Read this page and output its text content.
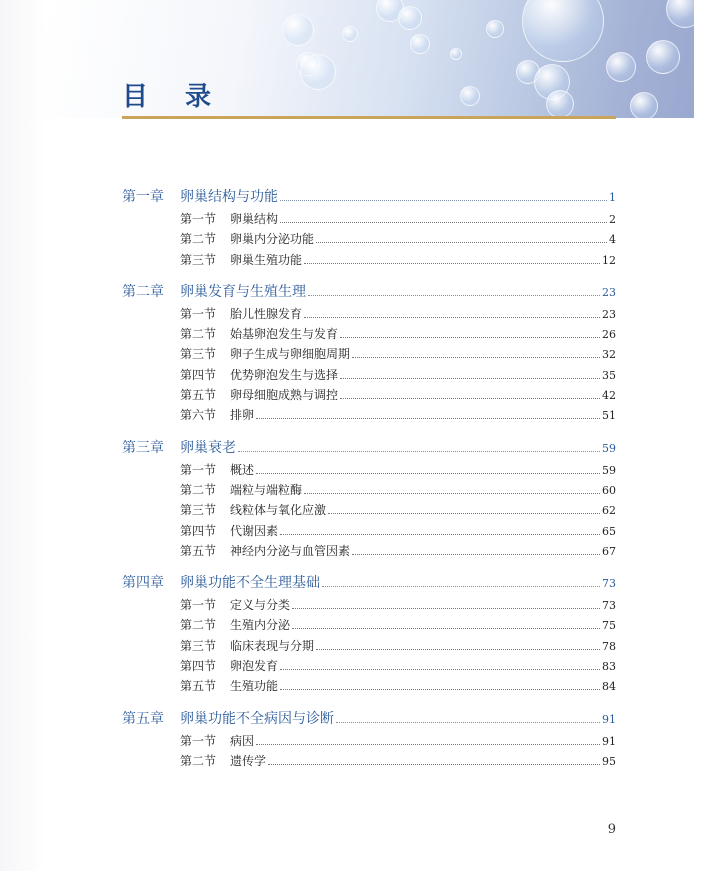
目 录
第一章	卵巢结构与功能	1
第一节	卵巢结构	2
第二节	卵巢内分泌功能	4
第三节	卵巢生殖功能	12
第二章	卵巢发育与生殖生理	23
第一节	胎儿性腺发育	23
第二节	始基卵泡发生与发育	26
第三节	卵子生成与卵细胞周期	32
第四节	优势卵泡发生与选择	35
第五节	卵母细胞成熟与调控	42
第六节	排卵	51
第三章	卵巢衰老	59
第一节	概述	59
第二节	端粒与端粒酶	60
第三节	线粒体与氧化应激	62
第四节	代谢因素	65
第五节	神经内分泌与血管因素	67
第四章	卵巢功能不全生理基础	73
第一节	定义与分类	73
第二节	生殖内分泌	75
第三节	临床表现与分期	78
第四节	卵泡发育	83
第五节	生殖功能	84
第五章	卵巢功能不全病因与诊断	91
第一节	病因	91
第二节	遗传学	95
9
